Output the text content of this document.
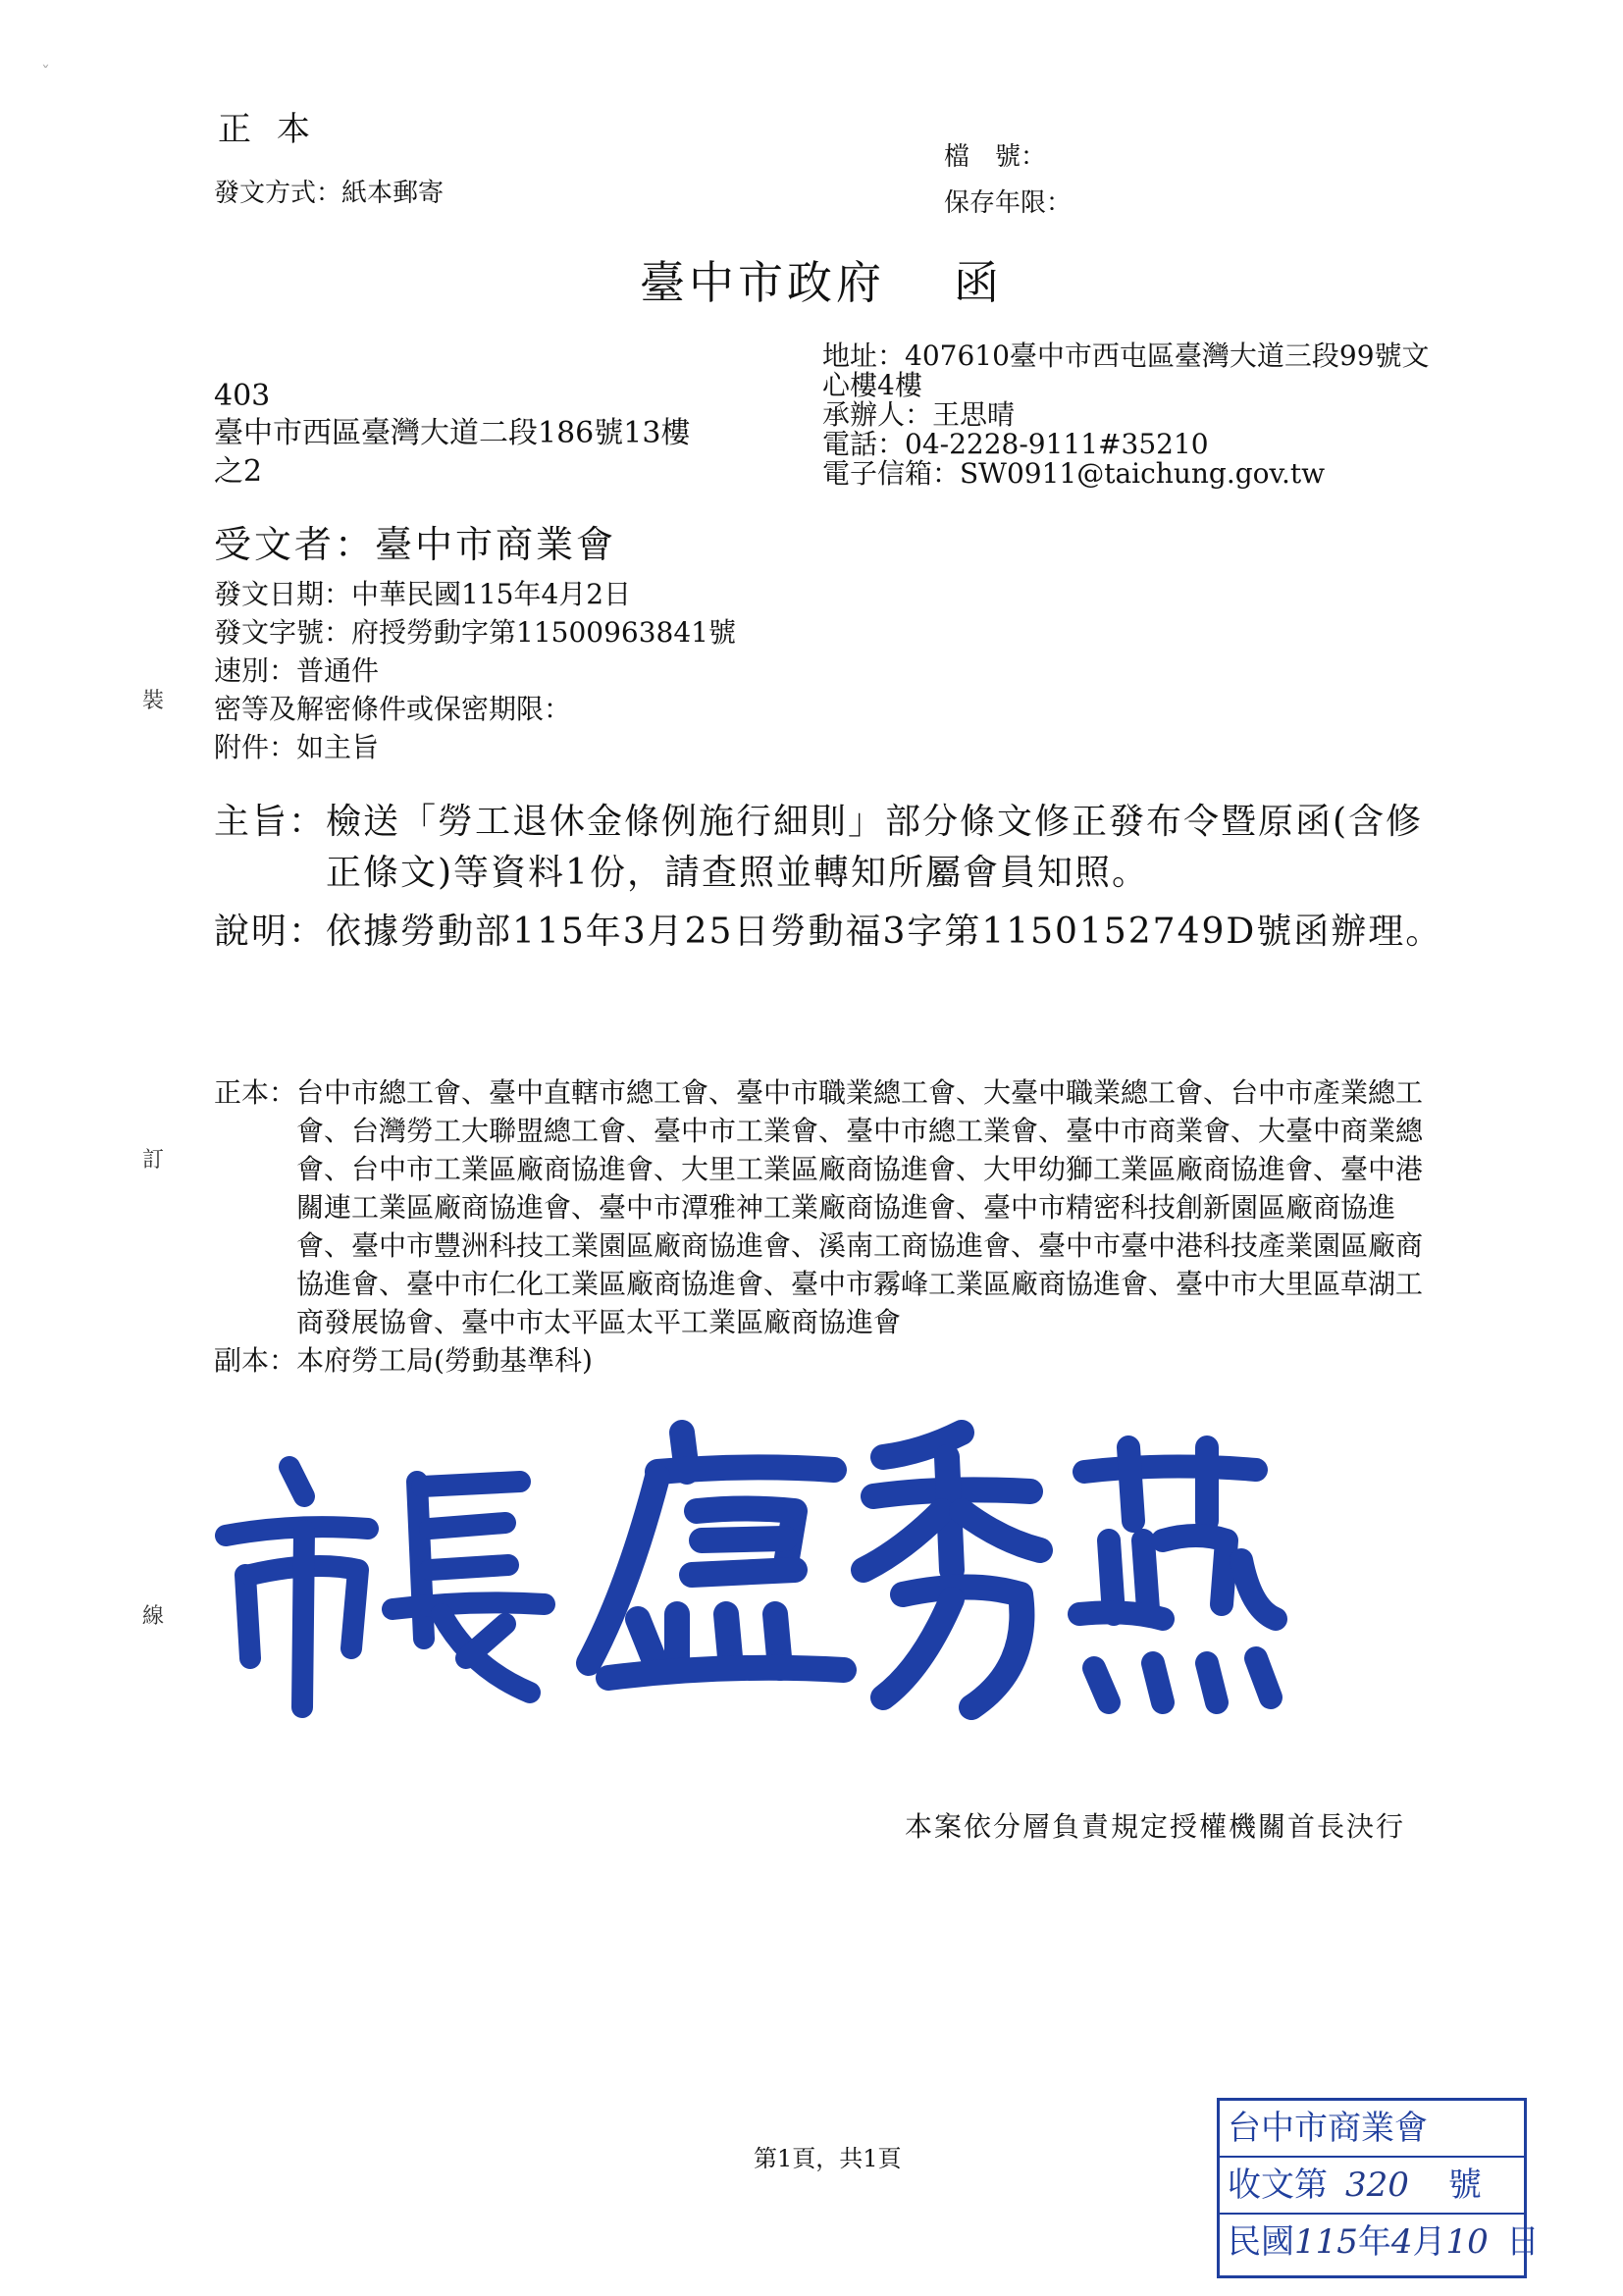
ˇ
正本
發文方式：紙本郵寄
檔　號：
保存年限：
臺中市政府 函
地址：407610臺中市西屯區臺灣大道三段99號文心樓4樓
承辦人：王思晴
電話：04-2228-9111#35210
電子信箱：SW0911@taichung.gov.tw
403
臺中市西區臺灣大道二段186號13樓
之2
受文者：臺中市商業會
發文日期：中華民國115年4月2日
發文字號：府授勞動字第11500963841號
速別：普通件
密等及解密條件或保密期限：
附件：如主旨
主旨： 檢送「勞工退休金條例施行細則」部分條文修正發布令暨原函(含修正條文)等資料1份，請查照並轉知所屬會員知照。
說明： 依據勞動部115年3月25日勞動福3字第1150152749D號函辦理。
正本： 台中市總工會、臺中直轄市總工會、臺中市職業總工會、大臺中職業總工會、台中市產業總工會、台灣勞工大聯盟總工會、臺中市工業會、臺中市總工業會、臺中市商業會、大臺中商業總會、台中市工業區廠商協進會、大里工業區廠商協進會、大甲幼獅工業區廠商協進會、臺中港關連工業區廠商協進會、臺中市潭雅神工業廠商協進會、臺中市精密科技創新園區廠商協進會、臺中市豐洲科技工業園區廠商協進會、溪南工商協進會、臺中市臺中港科技產業園區廠商協進會、臺中市仁化工業區廠商協進會、臺中市霧峰工業區廠商協進會、臺中市大里區草湖工商發展協會、臺中市太平區太平工業區廠商協進會
副本： 本府勞工局(勞動基準科)
裝
訂
線
本案依分層負責規定授權機關首長決行
第1頁，共1頁
台中市商業會
收文第 320 號
民國115年4月10 日
